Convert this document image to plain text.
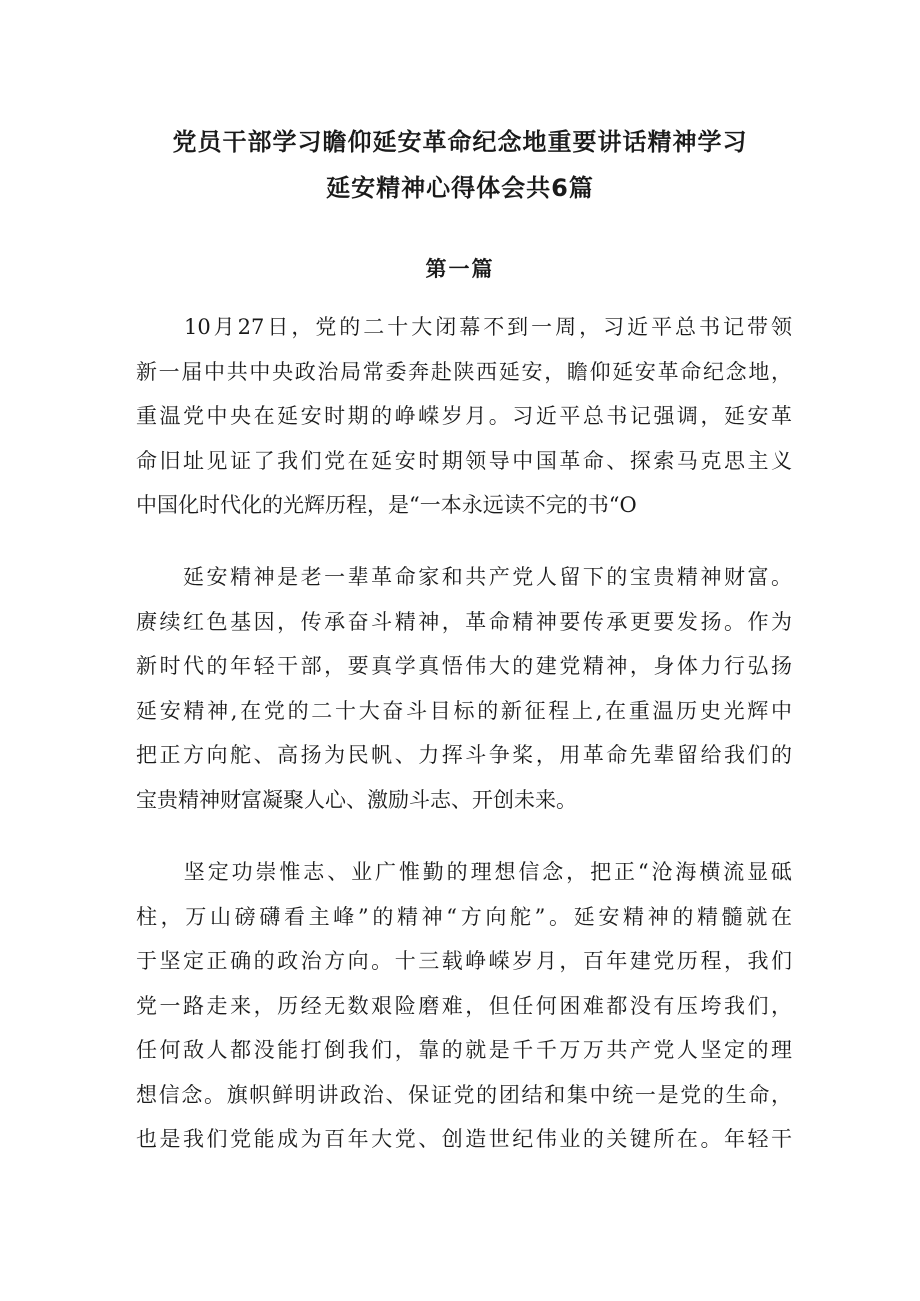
党员干部学习瞻仰延安革命纪念地重要讲话精神学习
延安精神心得体会共6篇
第一篇
　　10月27日，党的二十大闭幕不到一周，习近平总书记带领
新一届中共中央政治局常委奔赴陕西延安，瞻仰延安革命纪念地，
重温党中央在延安时期的峥嵘岁月。习近平总书记强调，延安革
命旧址见证了我们党在延安时期领导中国革命、探索马克思主义
中国化时代化的光辉历程，是“一本永远读不完的书“O
　　延安精神是老一辈革命家和共产党人留下的宝贵精神财富。
赓续红色基因，传承奋斗精神，革命精神要传承更要发扬。作为
新时代的年轻干部，要真学真悟伟大的建党精神，身体力行弘扬
延安精神,在党的二十大奋斗目标的新征程上,在重温历史光辉中
把正方向舵、高扬为民帆、力挥斗争桨，用革命先辈留给我们的
宝贵精神财富凝聚人心、激励斗志、开创未来。
　　坚定功崇惟志、业广惟勤的理想信念，把正“沧海横流显砥
柱，万山磅礴看主峰”的精神“方向舵”。延安精神的精髓就在
于坚定正确的政治方向。十三载峥嵘岁月，百年建党历程，我们
党一路走来，历经无数艰险磨难，但任何困难都没有压垮我们，
任何敌人都没能打倒我们，靠的就是千千万万共产党人坚定的理
想信念。旗帜鲜明讲政治、保证党的团结和集中统一是党的生命，
也是我们党能成为百年大党、创造世纪伟业的关键所在。年轻干
